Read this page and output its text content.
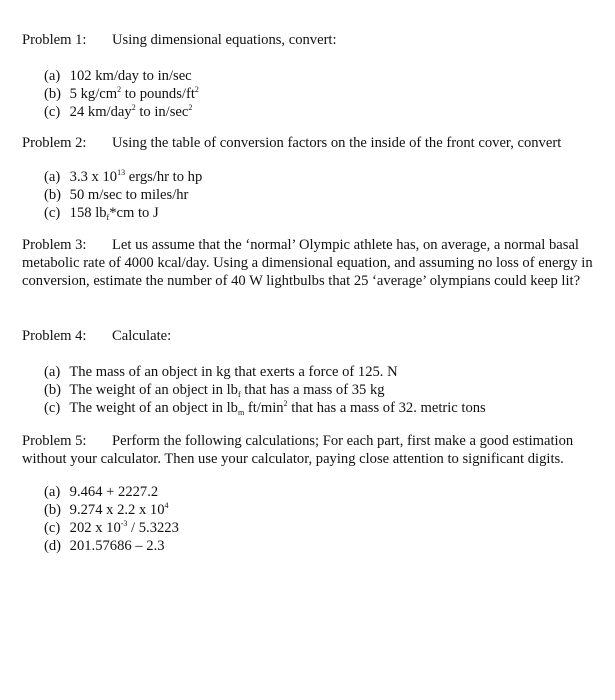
Problem 1: Using dimensional equations, convert:
(a) 102 km/day to in/sec
(b) 5 $kg/cm^2$ to pounds/$ft^2$
(c) 24 km/day$^2$ to $in/\sec^2$
Problem 2: Using the table of conversion factors on the inside of the front cover, convert
(a) 3.3 x $10^{13}$ ergs/hr to hp
(b) 50 m/sec to miles/hr
(c) 158 $lb_f*cm$ to J
Problem 3: Let us assume that the ‘normal’ Olympic athlete has, on average, a normal basal metabolic rate of 4000 kcal/day. Using a dimensional equation, and assuming no loss of energy in conversion, estimate the number of 40 W lightbulbs that 25 ‘average’ olympians could keep lit?
Problem 4: Calculate:
(a) The mass of an object in kg that exerts a force of 125. N
(b) The weight of an object in $lb_f$ that has a mass of 35 kg
(c) The weight of an object in $lb_m$ $ft/\min^2$ that has a mass of 32. metric tons
Problem 5: Perform the following calculations; For each part, first make a good estimation without your calculator. Then use your calculator, paying close attention to significant digits.
(a) 9.464 + 2227.2
(b) 9.274 x 2.2 x $10^4$
(c) 202 x $10^{-3} / 5.3223$
(d) 201.57686 – 2.3
